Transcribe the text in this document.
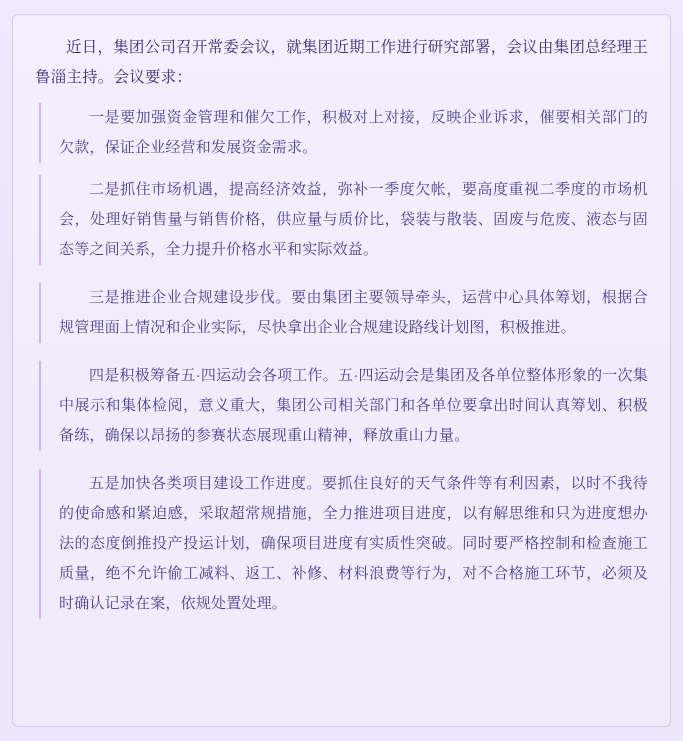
近日，集团公司召开常委会议，就集团近期工作进行研究部署，会议由集团总经理王鲁淄主持。会议要求：

一是要加强资金管理和催欠工作，积极对上对接，反映企业诉求，催要相关部门的欠款，保证企业经营和发展资金需求。

二是抓住市场机遇，提高经济效益，弥补一季度欠帐，要高度重视二季度的市场机会，处理好销售量与销售价格，供应量与质价比，袋装与散装、固废与危废、液态与固态等之间关系，全力提升价格水平和实际效益。

三是推进企业合规建设步伐。要由集团主要领导牵头，运营中心具体筹划，根据合规管理面上情况和企业实际，尽快拿出企业合规建设路线计划图，积极推进。

四是积极筹备五·四运动会各项工作。五·四运动会是集团及各单位整体形象的一次集中展示和集体检阅，意义重大，集团公司相关部门和各单位要拿出时间认真筹划、积极备练，确保以昂扬的参赛状态展现重山精神，释放重山力量。

五是加快各类项目建设工作进度。要抓住良好的天气条件等有利因素，以时不我待的使命感和紧迫感，采取超常规措施，全力推进项目进度，以有解思维和只为进度想办法的态度倒推投产投运计划，确保项目进度有实质性突破。同时要严格控制和检查施工质量，绝不允许偷工减料、返工、补修、材料浪费等行为，对不合格施工环节，必须及时确认记录在案，依规处置处理。
